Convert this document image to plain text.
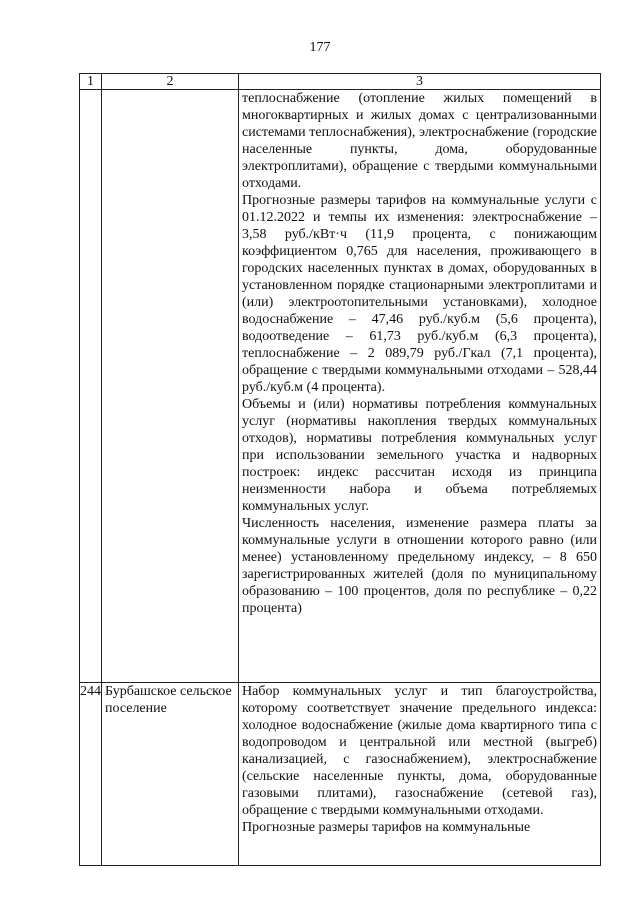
177
1	2	3

		теплоснабжение (отопление жилых помещений в многоквартирных и жилых домах с централизованными системами теплоснабжения), электроснабжение (городские населенные пункты, дома, оборудованные электроплитами), обращение с твердыми коммунальными отходами.

Прогнозные размеры тарифов на коммунальные услуги с 01.12.2022 и темпы их изменения: электроснабжение – 3,58 руб./кВт·ч (11,9 процента, с понижающим коэффициентом 0,765 для населения, проживающего в городских населенных пунктах в домах, оборудованных в установленном порядке стационарными электроплитами и (или) электроотопительными установками), холодное водоснабжение – 47,46 руб./куб.м (5,6 процента), водоотведение – 61,73 руб./куб.м (6,3 процента), теплоснабжение – 2 089,79 руб./Гкал (7,1 процента), обращение с твердыми коммунальными отходами – 528,44 руб./куб.м (4 процента).

Объемы и (или) нормативы потребления коммунальных услуг (нормативы накопления твердых коммунальных отходов), нормативы потребления коммунальных услуг при использовании земельного участка и надворных построек: индекс рассчитан исходя из принципа неизменности набора и объема потребляемых коммунальных услуг.

Численность населения, изменение размера платы за коммунальные услуги в отношении которого равно (или менее) установленному предельному индексу, – 8 650 зарегистрированных жителей (доля по муниципальному образованию – 100 процентов, доля по республике – 0,22 процента)

244	Бурбашское сельское поселение	Набор коммунальных услуг и тип благоустройства, которому соответствует значение предельного индекса: холодное водоснабжение (жилые дома квартирного типа с водопроводом и центральной или местной (выгреб) канализацией, с газоснабжением), электроснабжение (сельские населенные пункты, дома, оборудованные газовыми плитами), газоснабжение (сетевой газ), обращение с твердыми коммунальными отходами.

Прогнозные размеры тарифов на коммунальные
